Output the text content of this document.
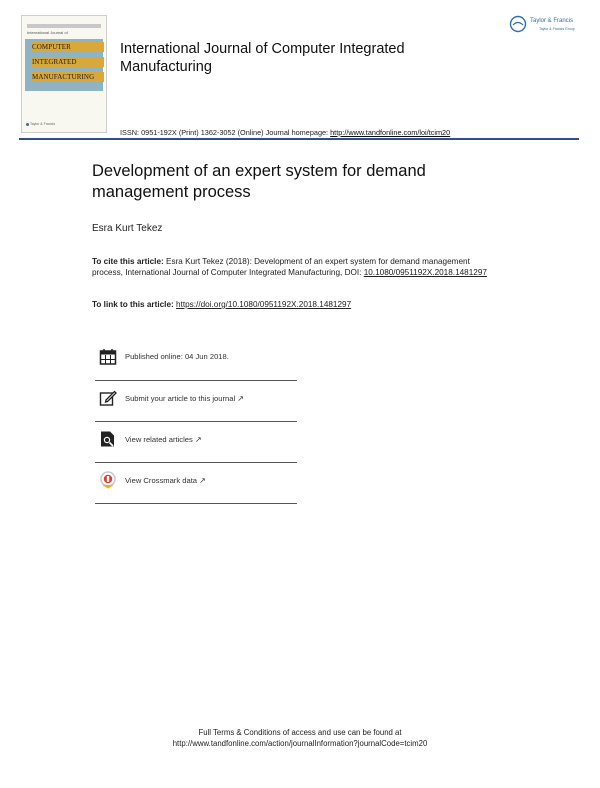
International Journal of
COMPUTER
INTEGRATED
MANUFACTURING
Taylor & Francis
International Journal of Computer Integrated Manufacturing
Taylor & Francis
Taylor & Francis Group
ISSN: 0951-192X (Print) 1362-3052 (Online) Journal homepage: http://www.tandfonline.com/loi/tcim20
Development of an expert system for demand management process
Esra Kurt Tekez
To cite this article: Esra Kurt Tekez (2018): Development of an expert system for demand management process, International Journal of Computer Integrated Manufacturing, DOI: 10.1080/0951192X.2018.1481297
To link to this article: https://doi.org/10.1080/0951192X.2018.1481297
Published online: 04 Jun 2018.
Submit your article to this journal ↗
View related articles ↗
View Crossmark data ↗
Full Terms & Conditions of access and use can be found at
http://www.tandfonline.com/action/journalInformation?journalCode=tcim20
